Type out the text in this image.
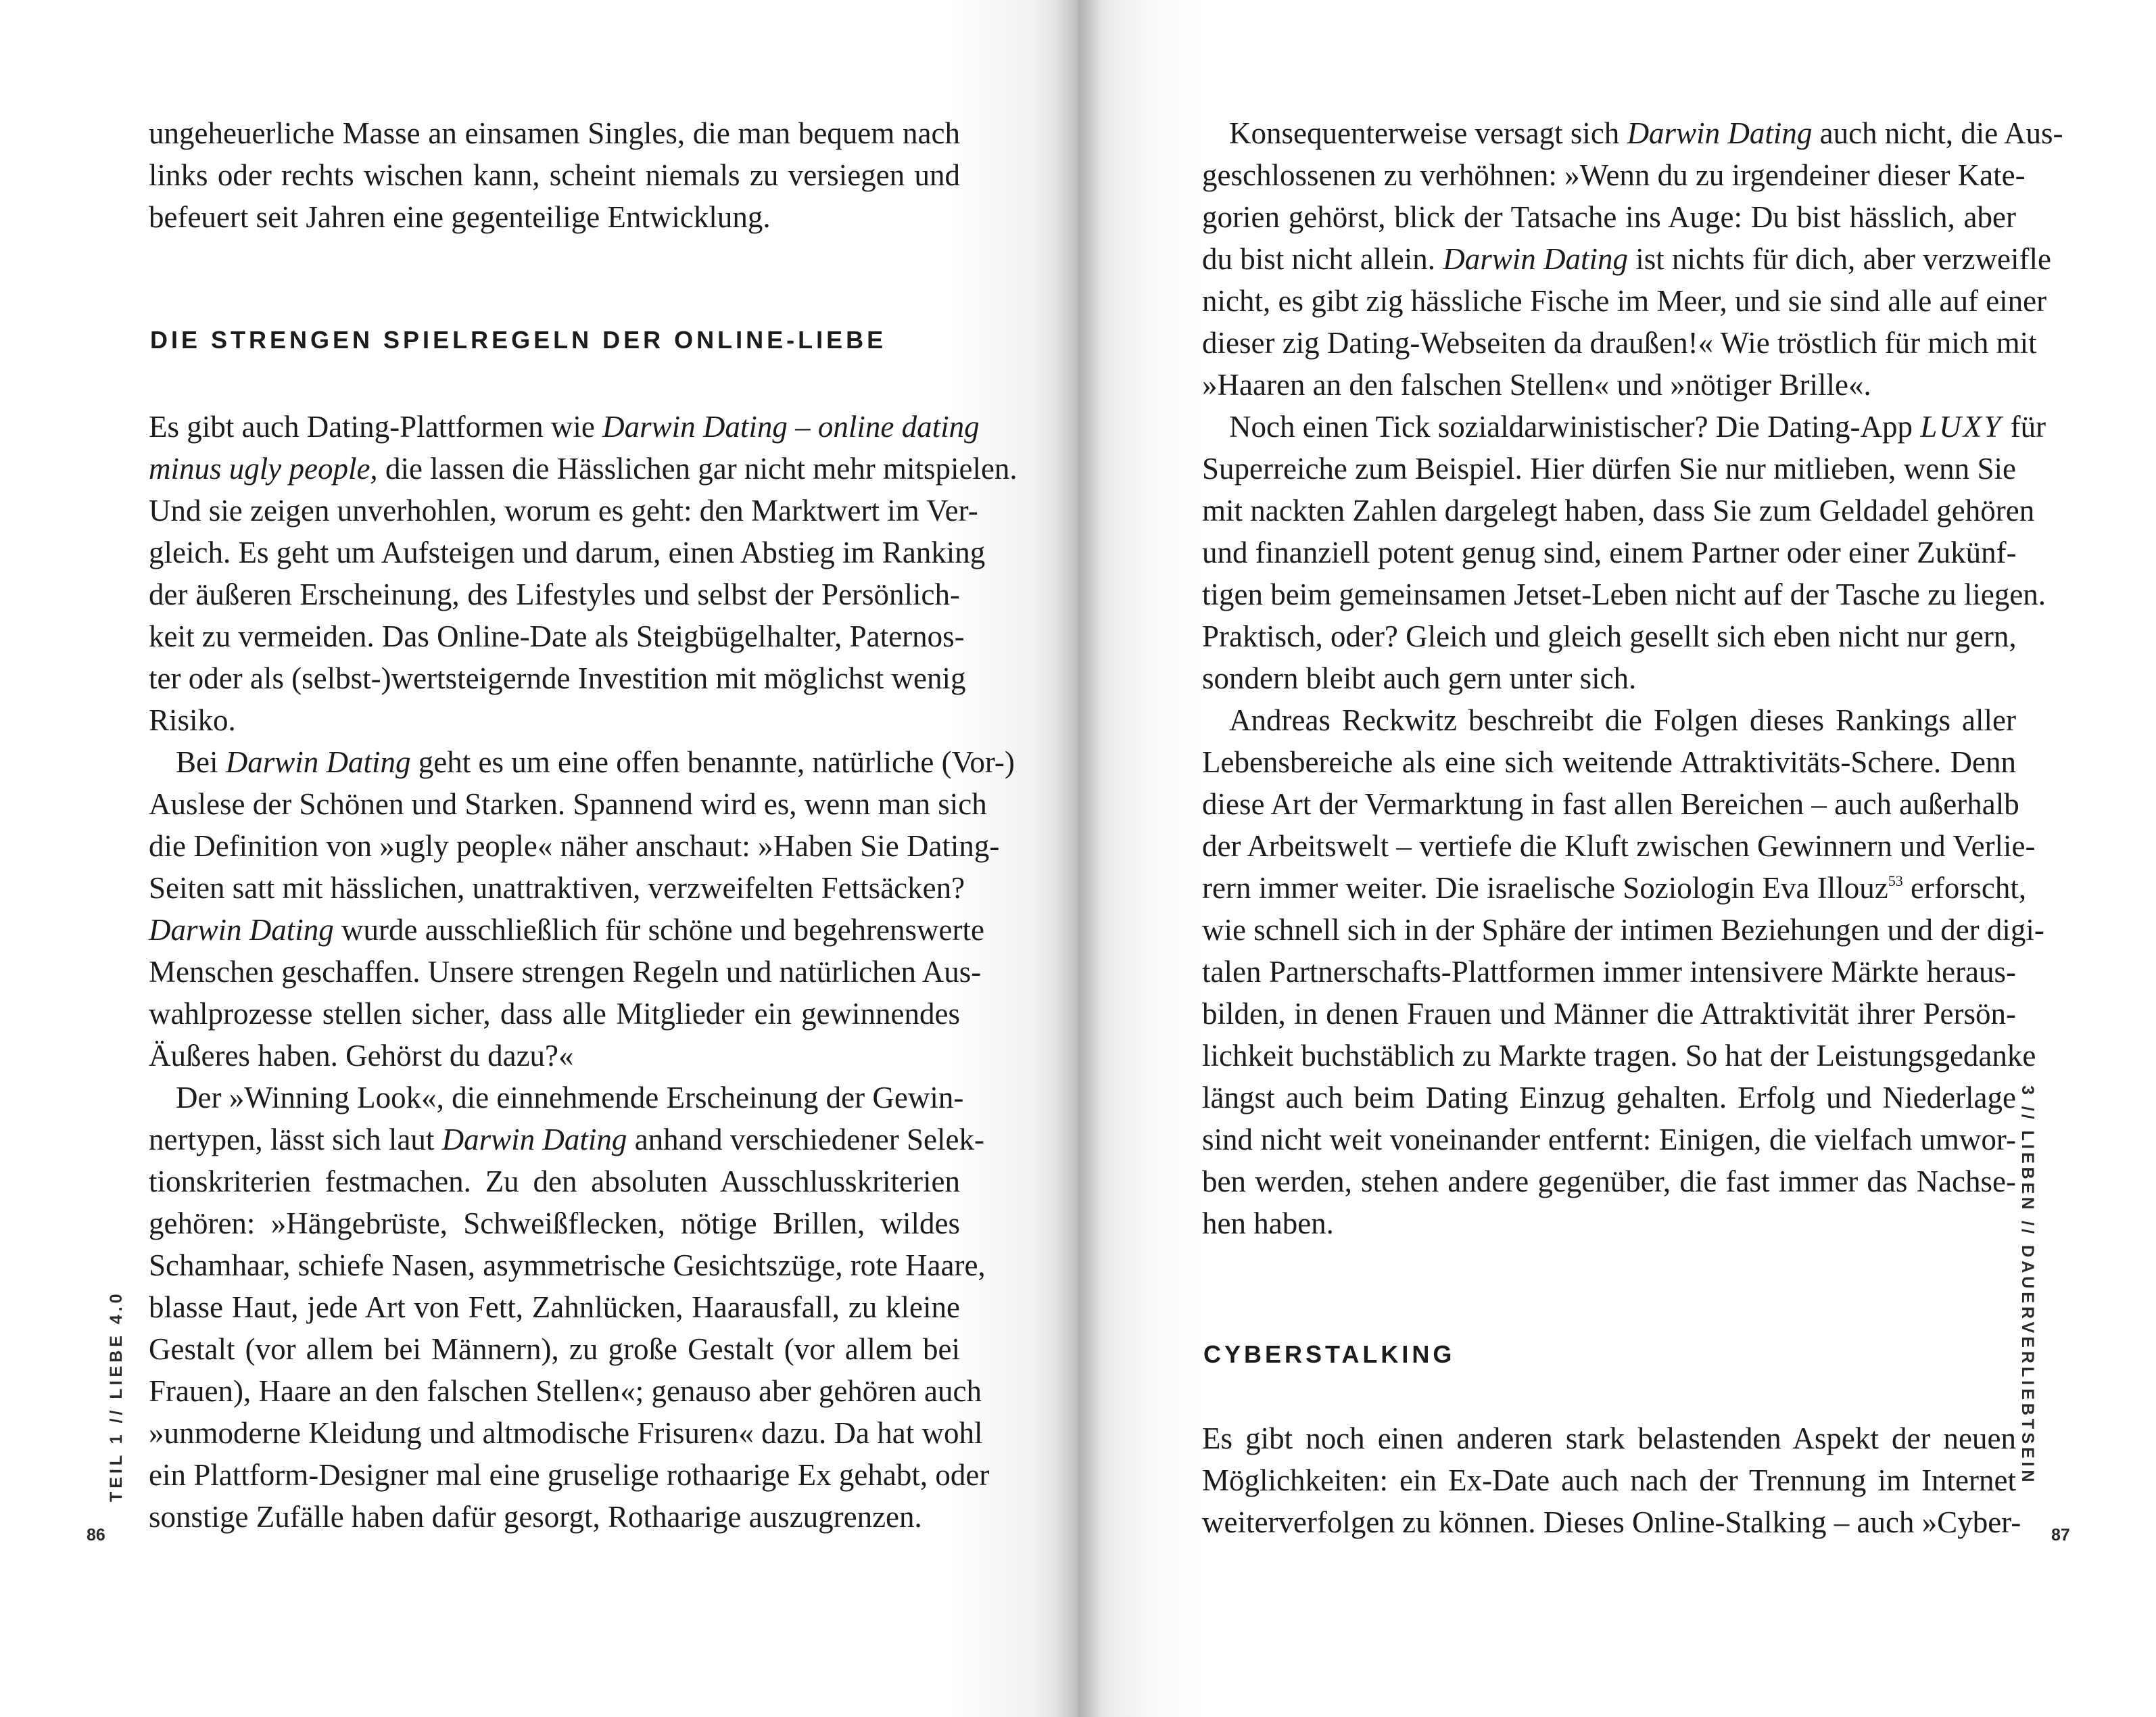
ungeheuerliche Masse an einsamen Singles, die man bequem nach
links oder rechts wischen kann, scheint niemals zu versiegen und
befeuert seit Jahren eine gegenteilige Entwicklung.
DIE STRENGEN SPIELREGELN DER ONLINE-LIEBE
Es gibt auch Dating-Plattformen wie Darwin Dating – online dating
minus ugly people, die lassen die Hässlichen gar nicht mehr mitspielen.
Und sie zeigen unverhohlen, worum es geht: den Marktwert im Ver-
gleich. Es geht um Aufsteigen und darum, einen Abstieg im Ranking
der äußeren Erscheinung, des Lifestyles und selbst der Persönlich-
keit zu vermeiden. Das Online-Date als Steigbügelhalter, Paternos-
ter oder als (selbst-)wertsteigernde Investition mit möglichst wenig
Risiko.
Bei Darwin Dating geht es um eine offen benannte, natürliche (Vor-)
Auslese der Schönen und Starken. Spannend wird es, wenn man sich
die Definition von »ugly people« näher anschaut: »Haben Sie Dating-
Seiten satt mit hässlichen, unattraktiven, verzweifelten Fettsäcken?
Darwin Dating wurde ausschließlich für schöne und begehrenswerte
Menschen geschaffen. Unsere strengen Regeln und natürlichen Aus-
wahlprozesse stellen sicher, dass alle Mitglieder ein gewinnendes
Äußeres haben. Gehörst du dazu?«
Der »Winning Look«, die einnehmende Erscheinung der Gewin-
nertypen, lässt sich laut Darwin Dating anhand verschiedener Selek-
tionskriterien festmachen. Zu den absoluten Ausschlusskriterien
gehören: »Hängebrüste, Schweißflecken, nötige Brillen, wildes
Schamhaar, schiefe Nasen, asymmetrische Gesichtszüge, rote Haare,
blasse Haut, jede Art von Fett, Zahnlücken, Haarausfall, zu kleine
Gestalt (vor allem bei Männern), zu große Gestalt (vor allem bei
Frauen), Haare an den falschen Stellen«; genauso aber gehören auch
»unmoderne Kleidung und altmodische Frisuren« dazu. Da hat wohl
ein Plattform-Designer mal eine gruselige rothaarige Ex gehabt, oder
sonstige Zufälle haben dafür gesorgt, Rothaarige auszugrenzen.
TEIL 1 // LIEBE 4.0
86
Konsequenterweise versagt sich Darwin Dating auch nicht, die Aus-
geschlossenen zu verhöhnen: »Wenn du zu irgendeiner dieser Kate-
gorien gehörst, blick der Tatsache ins Auge: Du bist hässlich, aber
du bist nicht allein. Darwin Dating ist nichts für dich, aber verzweifle
nicht, es gibt zig hässliche Fische im Meer, und sie sind alle auf einer
dieser zig Dating-Webseiten da draußen!« Wie tröstlich für mich mit
»Haaren an den falschen Stellen« und »nötiger Brille«.
Noch einen Tick sozialdarwinistischer? Die Dating-App LUXY für
Superreiche zum Beispiel. Hier dürfen Sie nur mitlieben, wenn Sie
mit nackten Zahlen dargelegt haben, dass Sie zum Geldadel gehören
und finanziell potent genug sind, einem Partner oder einer Zukünf-
tigen beim gemeinsamen Jetset-Leben nicht auf der Tasche zu liegen.
Praktisch, oder? Gleich und gleich gesellt sich eben nicht nur gern,
sondern bleibt auch gern unter sich.
Andreas Reckwitz beschreibt die Folgen dieses Rankings aller
Lebensbereiche als eine sich weitende Attraktivitäts-Schere. Denn
diese Art der Vermarktung in fast allen Bereichen – auch außerhalb
der Arbeitswelt – vertiefe die Kluft zwischen Gewinnern und Verlie-
rern immer weiter. Die israelische Soziologin Eva Illouz$^{53}$ erforscht,
wie schnell sich in der Sphäre der intimen Beziehungen und der digi-
talen Partnerschafts-Plattformen immer intensivere Märkte heraus-
bilden, in denen Frauen und Männer die Attraktivität ihrer Persön-
lichkeit buchstäblich zu Markte tragen. So hat der Leistungsgedanke
längst auch beim Dating Einzug gehalten. Erfolg und Niederlage
sind nicht weit voneinander entfernt: Einigen, die vielfach umwor-
ben werden, stehen andere gegenüber, die fast immer das Nachse-
hen haben.
CYBERSTALKING
Es gibt noch einen anderen stark belastenden Aspekt der neuen
Möglichkeiten: ein Ex-Date auch nach der Trennung im Internet
weiterverfolgen zu können. Dieses Online-Stalking – auch »Cyber-
3 // LIEBEN // DAUERVERLIEBTSEIN
87
